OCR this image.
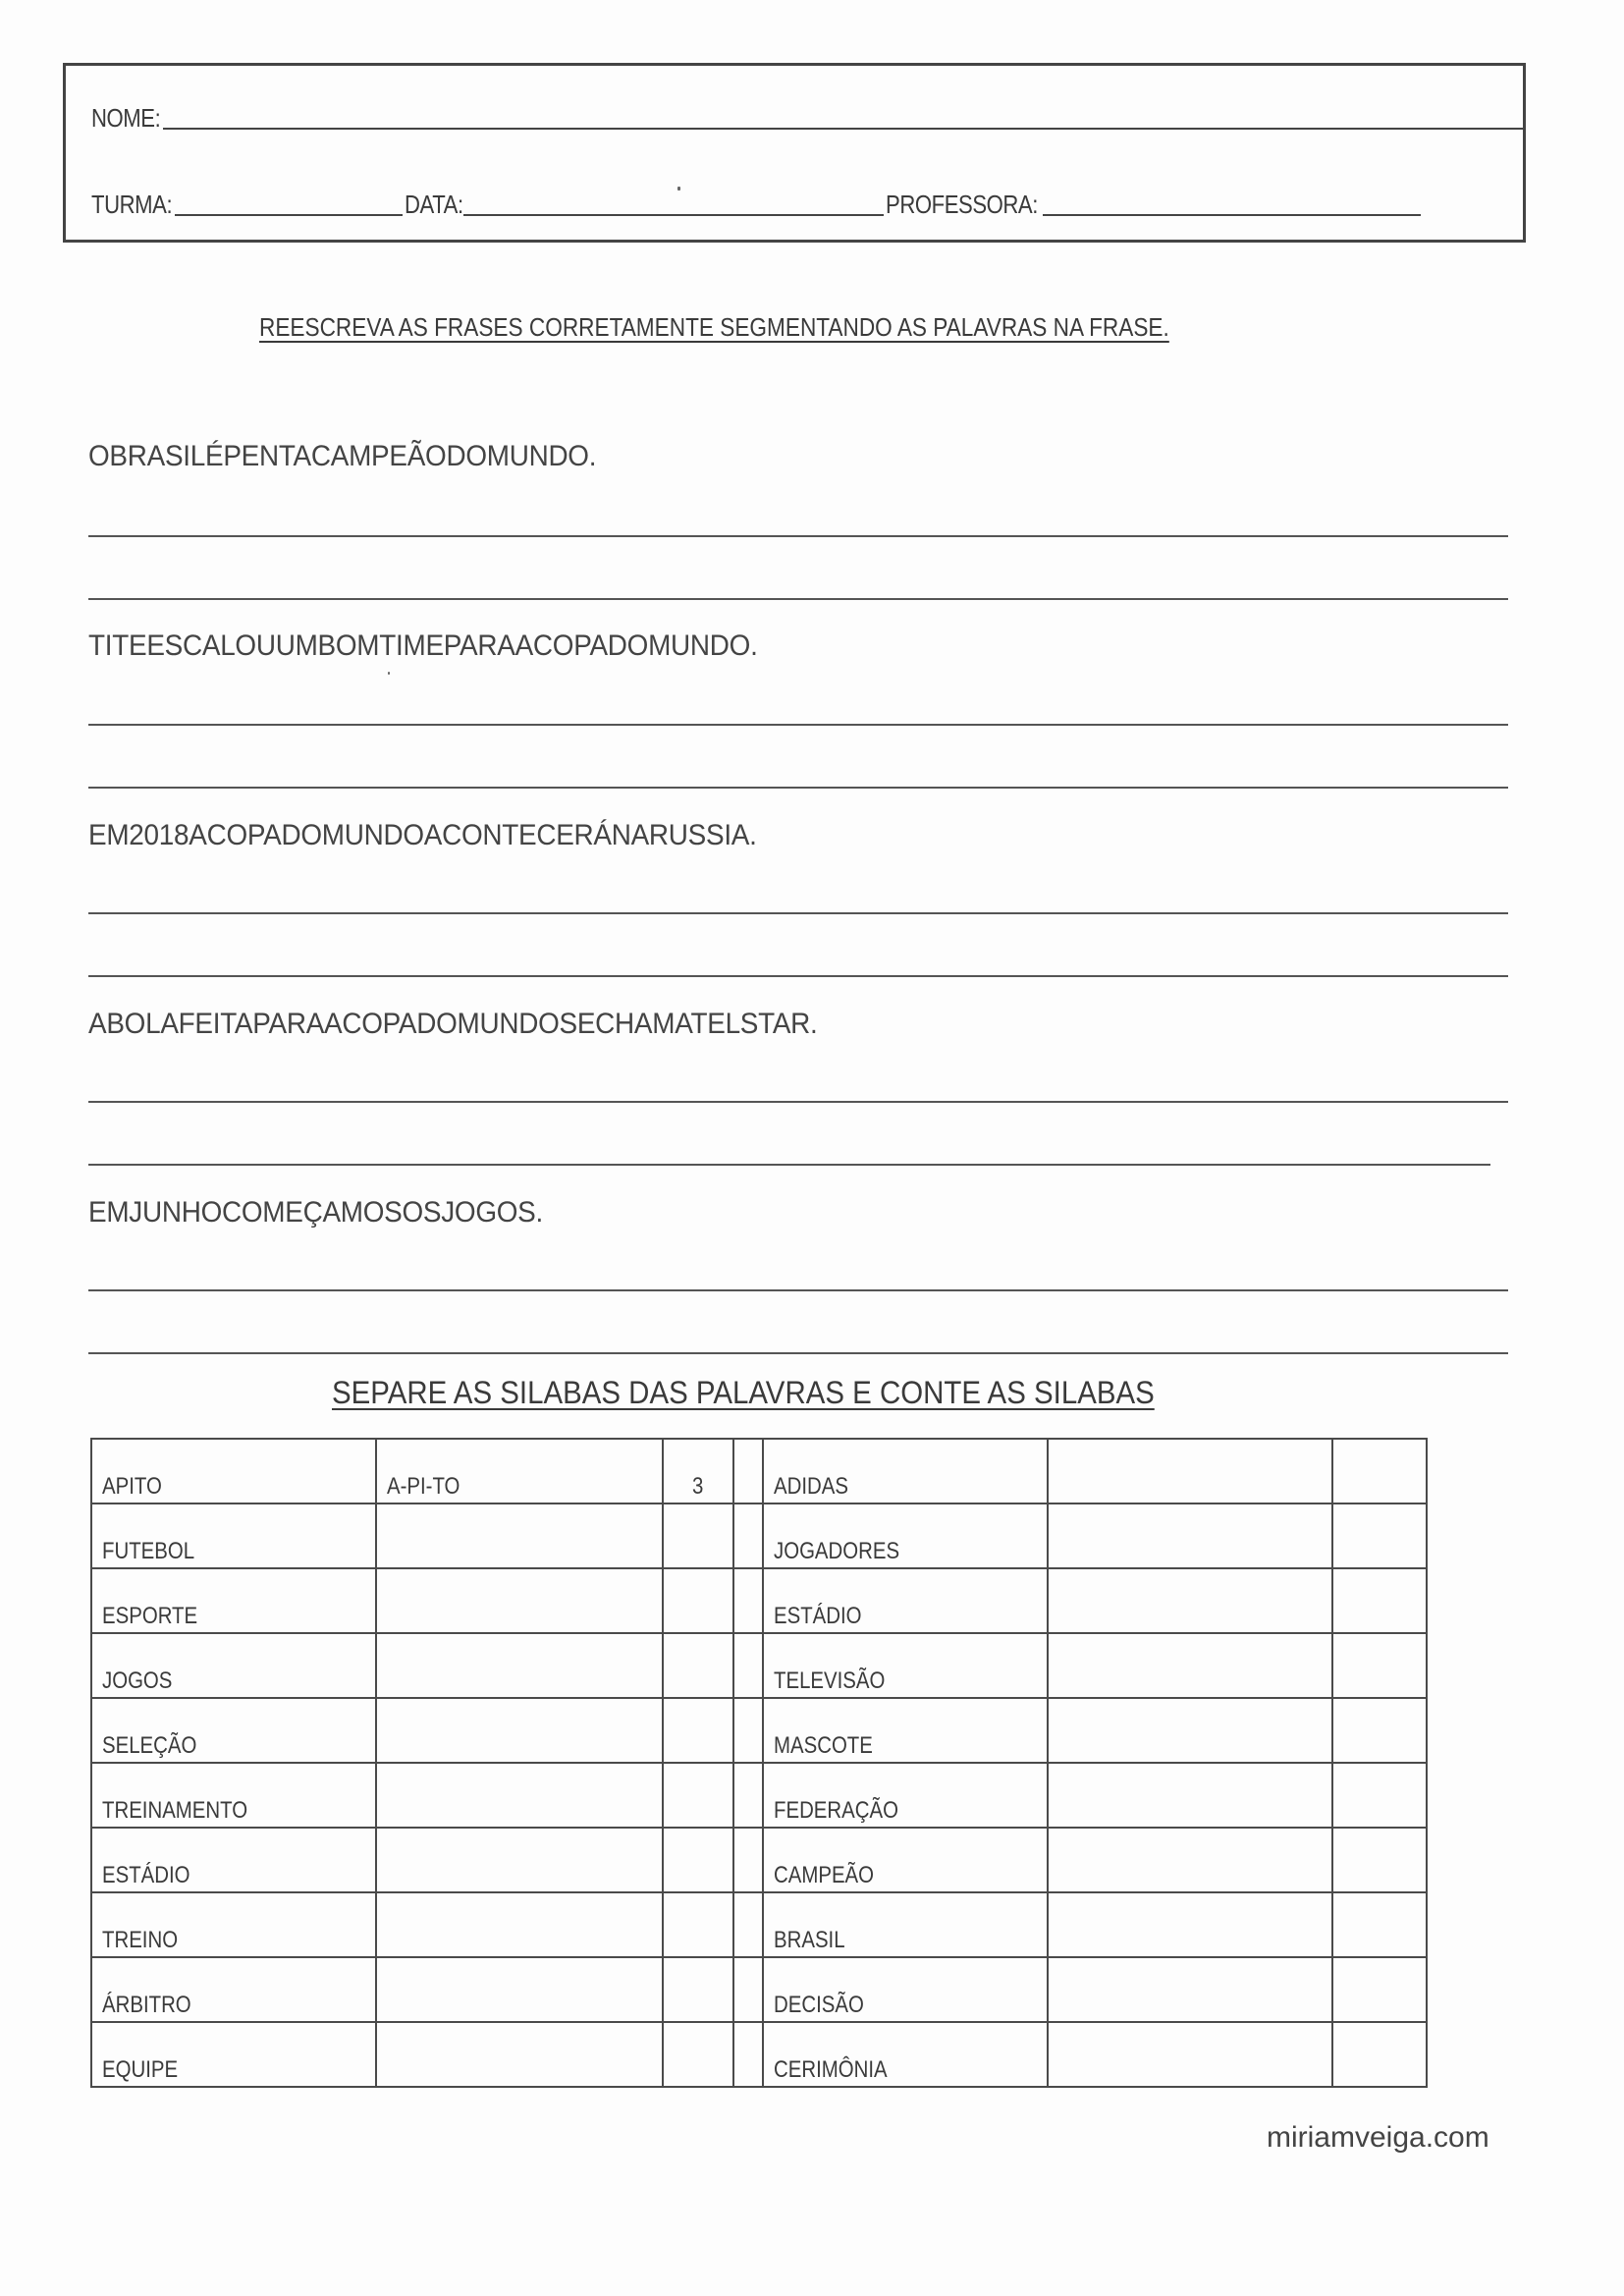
NOME:
TURMA:	DATA:	PROFESSORA:
REESCREVA AS FRASES CORRETAMENTE SEGMENTANDO AS PALAVRAS NA FRASE.
OBRASILÉPENTACAMPEÃODOMUNDO.
TITEESCALOUUMBOMTIMEPARAACOPADOMUNDO.
EM2018ACOPADOMUNDOACONTECERÁNARUSSIA.
ABOLAFEITAPARAACOPADOMUNDOSECHAMATELSTAR.
EMJUNHOCOMEÇAMOSOSJOGOS.
SEPARE AS SILABAS DAS PALAVRAS E CONTE AS SILABAS
APITO	A-PI-TO	3		ADIDAS		
FUTEBOL				JOGADORES		
ESPORTE				ESTÁDIO		
JOGOS				TELEVISÃO		
SELEÇÃO				MASCOTE		
TREINAMENTO				FEDERAÇÃO		
ESTÁDIO				CAMPEÃO		
TREINO				BRASIL		
ÁRBITRO				DECISÃO		
EQUIPE				CERIMÔNIA		
miriamveiga.com
